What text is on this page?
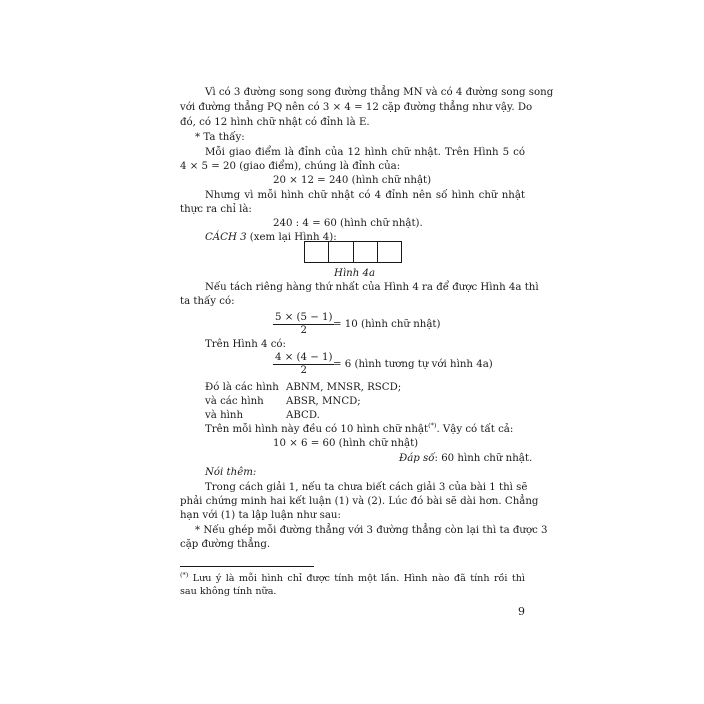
Vì có 3 đường song song đường thẳng MN và có 4 đường song song
với đường thẳng PQ nên có 3 × 4 = 12 cặp đường thẳng như vậy. Do
đó, có 12 hình chữ nhật có đỉnh là E.
* Ta thấy:
Mỗi giao điểm là đỉnh của 12 hình chữ nhật. Trên Hình 5 có
4 × 5 = 20 (giao điểm), chúng là đỉnh của:
20 × 12 = 240 (hình chữ nhật)
Nhưng vì mỗi hình chữ nhật có 4 đỉnh nên số hình chữ nhật
thực ra chỉ là:
240 : 4 = 60 (hình chữ nhật).
CÁCH 3 (xem lại Hình 4):
Hình 4a
Nếu tách riêng hàng thứ nhất của Hình 4 ra để được Hình 4a thì
ta thấy có:
$\frac{5 \times (5 - 1)}{2}$
= 10 (hình chữ nhật)
Trên Hình 4 có:
$\frac{4 \times (4 - 1)}{2}$
= 6 (hình tương tự với hình 4a)
Đó là các hình ABNM, MNSR, RSCD;
và các hình ABSR, MNCD;
và hình	ABCD.
Trên mỗi hình này đều có 10 hình chữ nhật(*). Vậy có tất cả:
10 × 6 = 60 (hình chữ nhật)
Đáp số: 60 hình chữ nhật.
Nói thêm:
Trong cách giải 1, nếu ta chưa biết cách giải 3 của bài 1 thì sẽ
phải chứng minh hai kết luận (1) và (2). Lúc đó bài sẽ dài hơn. Chẳng
hạn với (1) ta lập luận như sau:
* Nếu ghép mỗi đường thẳng với 3 đường thẳng còn lại thì ta được 3
cặp đường thẳng.
(*) Lưu ý là mỗi hình chỉ được tính một lần. Hình nào đã tính rồi thì
sau không tính nữa.
9
